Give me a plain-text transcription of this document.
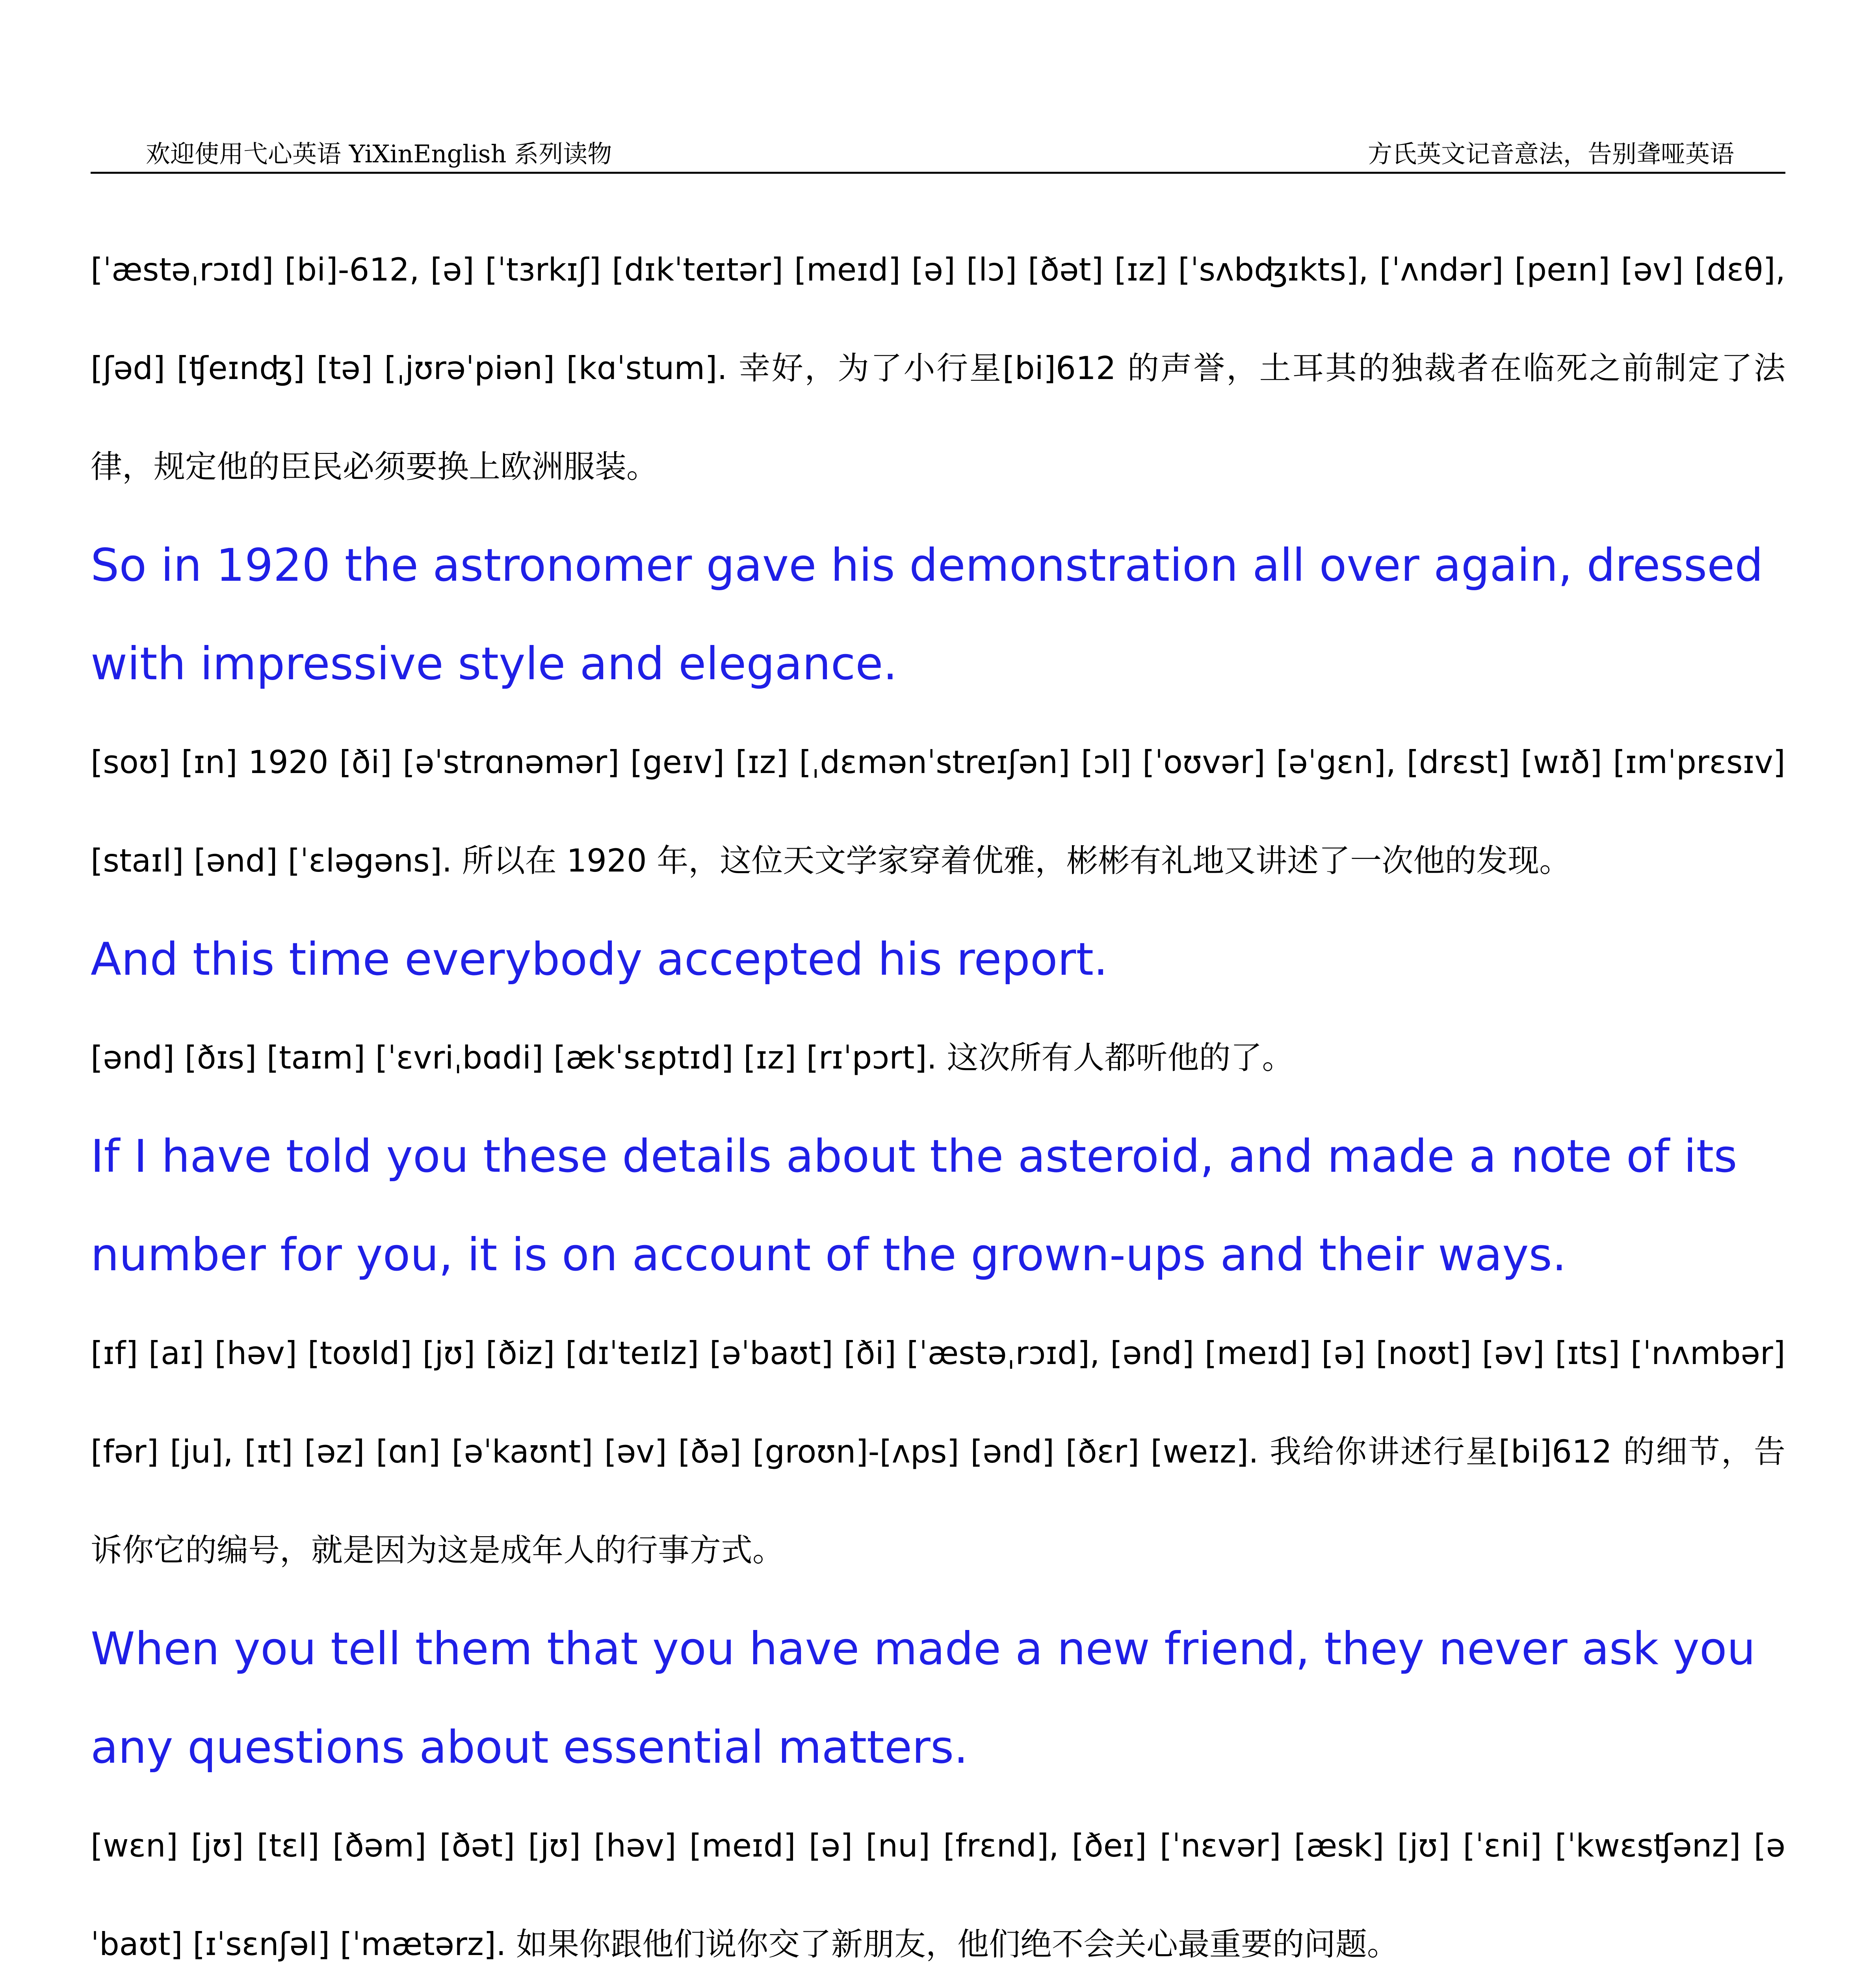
欢迎使用弋心英语 YiXinEnglish 系列读物	方氏英文记音意法，告别聋哑英语

[ˈæstəˌrɔɪd] [bi]-612, [ə] [ˈtɜrkɪʃ] [dɪkˈteɪtər] [meɪd] [ə] [lɔ] [ðət] [ɪz] [ˈsʌbʤɪkts], [ˈʌndər] [peɪn] [əv] [dɛθ], [ʃəd] [ʧeɪnʤ] [tə] [ˌjʊrəˈpiən] [kɑˈstum]. 幸好，为了小行星[bi]612 的声誉，土耳其的独裁者在临死之前制定了法律，规定他的臣民必须要换上欧洲服装。

So in 1920 the astronomer gave his demonstration all over again, dressed with impressive style and elegance.

[soʊ] [ɪn] 1920 [ði] [əˈstrɑnəmər] [geɪv] [ɪz] [ˌdɛmənˈstreɪʃən] [ɔl] [ˈoʊvər] [əˈgɛn], [drɛst] [wɪð] [ɪmˈprɛsɪv] [staɪl] [ənd] [ˈɛləgəns]. 所以在 1920 年，这位天文学家穿着优雅，彬彬有礼地又讲述了一次他的发现。

And this time everybody accepted his report.

[ənd] [ðɪs] [taɪm] [ˈɛvriˌbɑdi] [ækˈsɛptɪd] [ɪz] [rɪˈpɔrt]. 这次所有人都听他的了。

If I have told you these details about the asteroid, and made a note of its number for you, it is on account of the grown-ups and their ways.

[ɪf] [aɪ] [həv] [toʊld] [jʊ] [ðiz] [dɪˈteɪlz] [əˈbaʊt] [ði] [ˈæstəˌrɔɪd], [ənd] [meɪd] [ə] [noʊt] [əv] [ɪts] [ˈnʌmbər] [fər] [ju], [ɪt] [əz] [ɑn] [əˈkaʊnt] [əv] [ðə] [groʊn]-[ʌps] [ənd] [ðɛr] [weɪz]. 我给你讲述行星[bi]612 的细节，告诉你它的编号，就是因为这是成年人的行事方式。

When you tell them that you have made a new friend, they never ask you any questions about essential matters.

[wɛn] [jʊ] [tɛl] [ðəm] [ðət] [jʊ] [həv] [meɪd] [ə] [nu] [frɛnd], [ðeɪ] [ˈnɛvər] [æsk] [jʊ] [ˈɛni] [ˈkwɛsʧənz] [əˈbaʊt] [ɪˈsɛnʃəl] [ˈmætərz]. 如果你跟他们说你交了新朋友，他们绝不会关心最重要的问题。
